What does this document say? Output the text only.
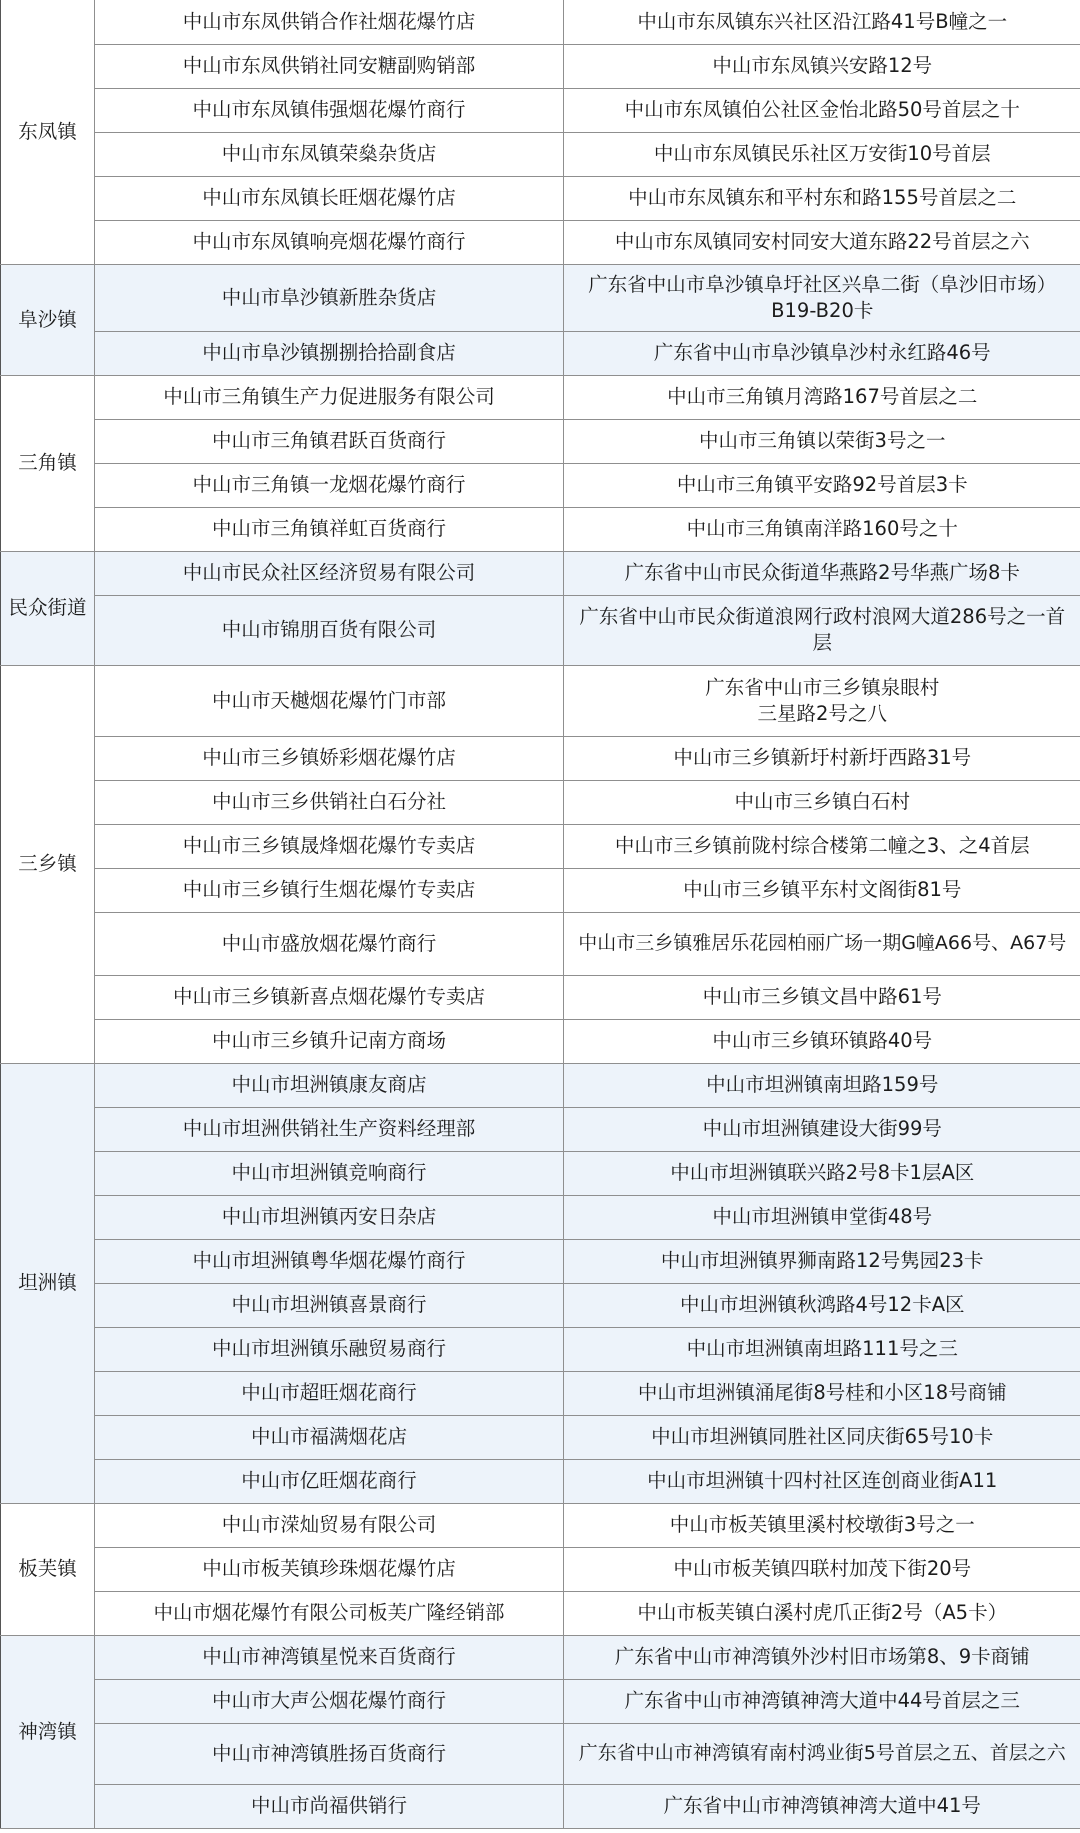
东凤镇	中山市东凤供销合作社烟花爆竹店	中山市东凤镇东兴社区沿江路41号B幢之一
	中山市东凤供销社同安糖副购销部	中山市东凤镇兴安路12号
	中山市东凤镇伟强烟花爆竹商行	中山市东凤镇伯公社区金怡北路50号首层之十
	中山市东凤镇荣燊杂货店	中山市东凤镇民乐社区万安街10号首层
	中山市东凤镇长旺烟花爆竹店	中山市东凤镇东和平村东和路155号首层之二
	中山市东凤镇响亮烟花爆竹商行	中山市东凤镇同安村同安大道东路22号首层之六
阜沙镇	中山市阜沙镇新胜杂货店	广东省中山市阜沙镇阜圩社区兴阜二街（阜沙旧市场）B19-B20卡
	中山市阜沙镇捌捌拾拾副食店	广东省中山市阜沙镇阜沙村永红路46号
三角镇	中山市三角镇生产力促进服务有限公司	中山市三角镇月湾路167号首层之二
	中山市三角镇君跃百货商行	中山市三角镇以荣街3号之一
	中山市三角镇一龙烟花爆竹商行	中山市三角镇平安路92号首层3卡
	中山市三角镇祥虹百货商行	中山市三角镇南洋路160号之十
民众街道	中山市民众社区经济贸易有限公司	广东省中山市民众街道华燕路2号华燕广场8卡
	中山市锦朋百货有限公司	广东省中山市民众街道浪网行政村浪网大道286号之一首层
三乡镇	中山市天樾烟花爆竹门市部	广东省中山市三乡镇泉眼村
三星路2号之八
	中山市三乡镇娇彩烟花爆竹店	中山市三乡镇新圩村新圩西路31号
	中山市三乡供销社白石分社	中山市三乡镇白石村
	中山市三乡镇晟烽烟花爆竹专卖店	中山市三乡镇前陇村综合楼第二幢之3、之4首层
	中山市三乡镇行生烟花爆竹专卖店	中山市三乡镇平东村文阁街81号
	中山市盛放烟花爆竹商行	中山市三乡镇雅居乐花园柏丽广场一期G幢A66号、A67号
	中山市三乡镇新喜点烟花爆竹专卖店	中山市三乡镇文昌中路61号
	中山市三乡镇升记南方商场	中山市三乡镇环镇路40号
坦洲镇	中山市坦洲镇康友商店	中山市坦洲镇南坦路159号
	中山市坦洲供销社生产资料经理部	中山市坦洲镇建设大街99号
	中山市坦洲镇竞响商行	中山市坦洲镇联兴路2号8卡1层A区
	中山市坦洲镇丙安日杂店	中山市坦洲镇申堂街48号
	中山市坦洲镇粤华烟花爆竹商行	中山市坦洲镇界狮南路12号隽园23卡
	中山市坦洲镇喜景商行	中山市坦洲镇秋鸿路4号12卡A区
	中山市坦洲镇乐融贸易商行	中山市坦洲镇南坦路111号之三
	中山市超旺烟花商行	中山市坦洲镇涌尾街8号桂和小区18号商铺
	中山市福满烟花店	中山市坦洲镇同胜社区同庆街65号10卡
	中山市亿旺烟花商行	中山市坦洲镇十四村社区连创商业街A11
板芙镇	中山市溁灿贸易有限公司	中山市板芙镇里溪村校墩街3号之一
	中山市板芙镇珍珠烟花爆竹店	中山市板芙镇四联村加茂下街20号
	中山市烟花爆竹有限公司板芙广隆经销部	中山市板芙镇白溪村虎爪正街2号（A5卡）
神湾镇	中山市神湾镇星悦来百货商行	广东省中山市神湾镇外沙村旧市场第8、9卡商铺
	中山市大声公烟花爆竹商行	广东省中山市神湾镇神湾大道中44号首层之三
	中山市神湾镇胜扬百货商行	广东省中山市神湾镇宥南村鸿业街5号首层之五、首层之六
	中山市尚福供销行	广东省中山市神湾镇神湾大道中41号
